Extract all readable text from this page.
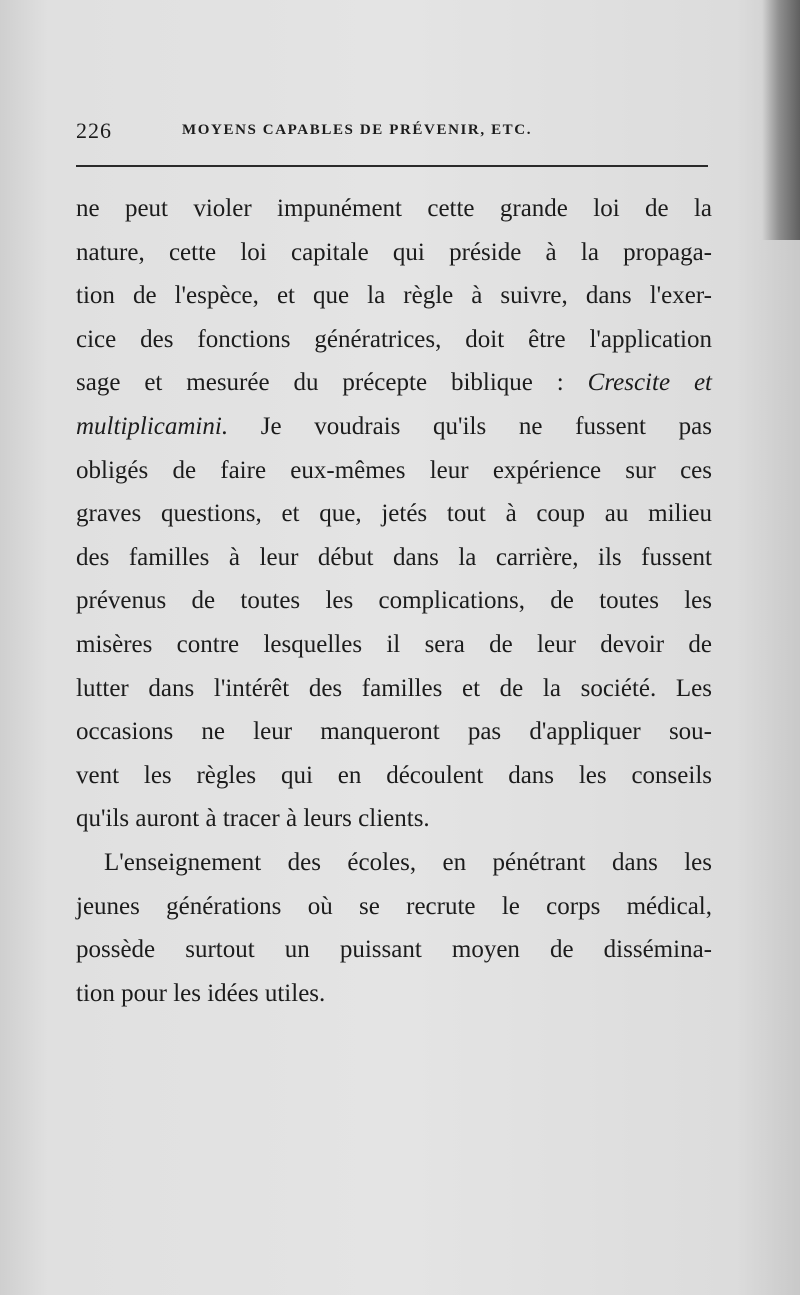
226	MOYENS CAPABLES DE PRÉVENIR, ETC.
ne peut violer impunément cette grande loi de la
nature, cette loi capitale qui préside à la propaga-
tion de l'espèce, et que la règle à suivre, dans l'exer-
cice des fonctions génératrices, doit être l'application
sage et mesurée du précepte biblique : Crescite et
multiplicamini. Je voudrais qu'ils ne fussent pas
obligés de faire eux-mêmes leur expérience sur ces
graves questions, et que, jetés tout à coup au milieu
des familles à leur début dans la carrière, ils fussent
prévenus de toutes les complications, de toutes les
misères contre lesquelles il sera de leur devoir de
lutter dans l'intérêt des familles et de la société. Les
occasions ne leur manqueront pas d'appliquer sou-
vent les règles qui en découlent dans les conseils
qu'ils auront à tracer à leurs clients.
L'enseignement des écoles, en pénétrant dans les
jeunes générations où se recrute le corps médical,
possède surtout un puissant moyen de dissémina-
tion pour les idées utiles.
